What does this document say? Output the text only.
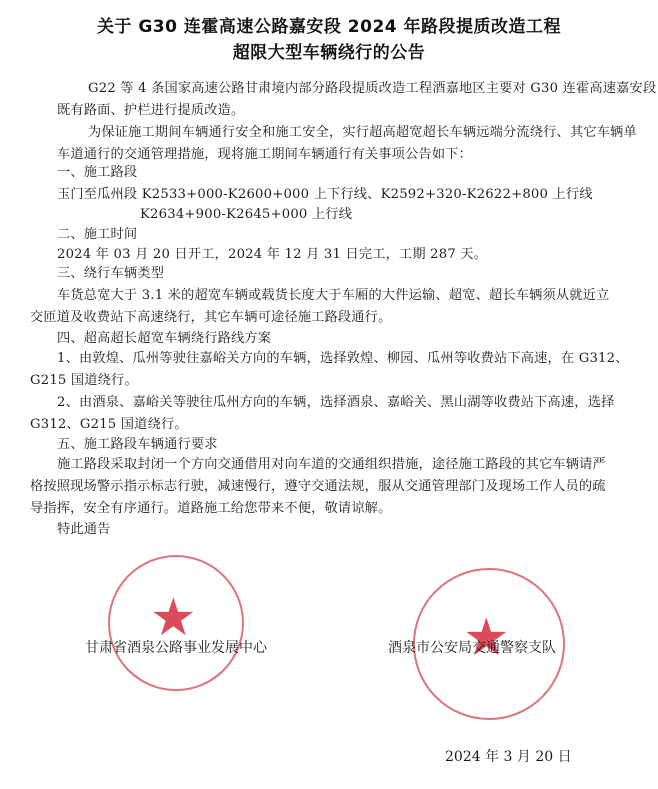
关于 G30 连霍高速公路嘉安段 2024 年路段提质改造工程
超限大型车辆绕行的公告
G22 等 4 条国家高速公路甘肃境内部分路段提质改造工程酒嘉地区主要对 G30 连霍高速嘉安段
既有路面、护栏进行提质改造。
为保证施工期间车辆通行安全和施工安全，实行超高超宽超长车辆远端分流绕行、其它车辆单
车道通行的交通管理措施，现将施工期间车辆通行有关事项公告如下：
一、施工路段
玉门至瓜州段 K2533+000-K2600+000 上下行线、K2592+320-K2622+800 上行线
K2634+900-K2645+000 上行线
二、施工时间
2024 年 03 月 20 日开工，2024 年 12 月 31 日完工，工期 287 天。
三、绕行车辆类型
车货总宽大于 3.1 米的超宽车辆或载货长度大于车厢的大件运输、超宽、超长车辆须从就近立
交匝道及收费站下高速绕行，其它车辆可途径施工路段通行。
四、超高超长超宽车辆绕行路线方案
1、由敦煌、瓜州等驶往嘉峪关方向的车辆，选择敦煌、柳园、瓜州等收费站下高速，在 G312、
G215 国道绕行。
2、由酒泉、嘉峪关等驶往瓜州方向的车辆，选择酒泉、嘉峪关、黑山湖等收费站下高速，选择
G312、G215 国道绕行。
五、施工路段车辆通行要求
施工路段采取封闭一个方向交通借用对向车道的交通组织措施，途径施工路段的其它车辆请严
格按照现场警示指示标志行驶，减速慢行，遵守交通法规，服从交通管理部门及现场工作人员的疏
导指挥，安全有序通行。道路施工给您带来不便，敬请谅解。
特此通告
★
甘肃省酒泉公路事业发展中心	★
酒泉市公安局交通警察支队
2024 年 3 月 20 日
